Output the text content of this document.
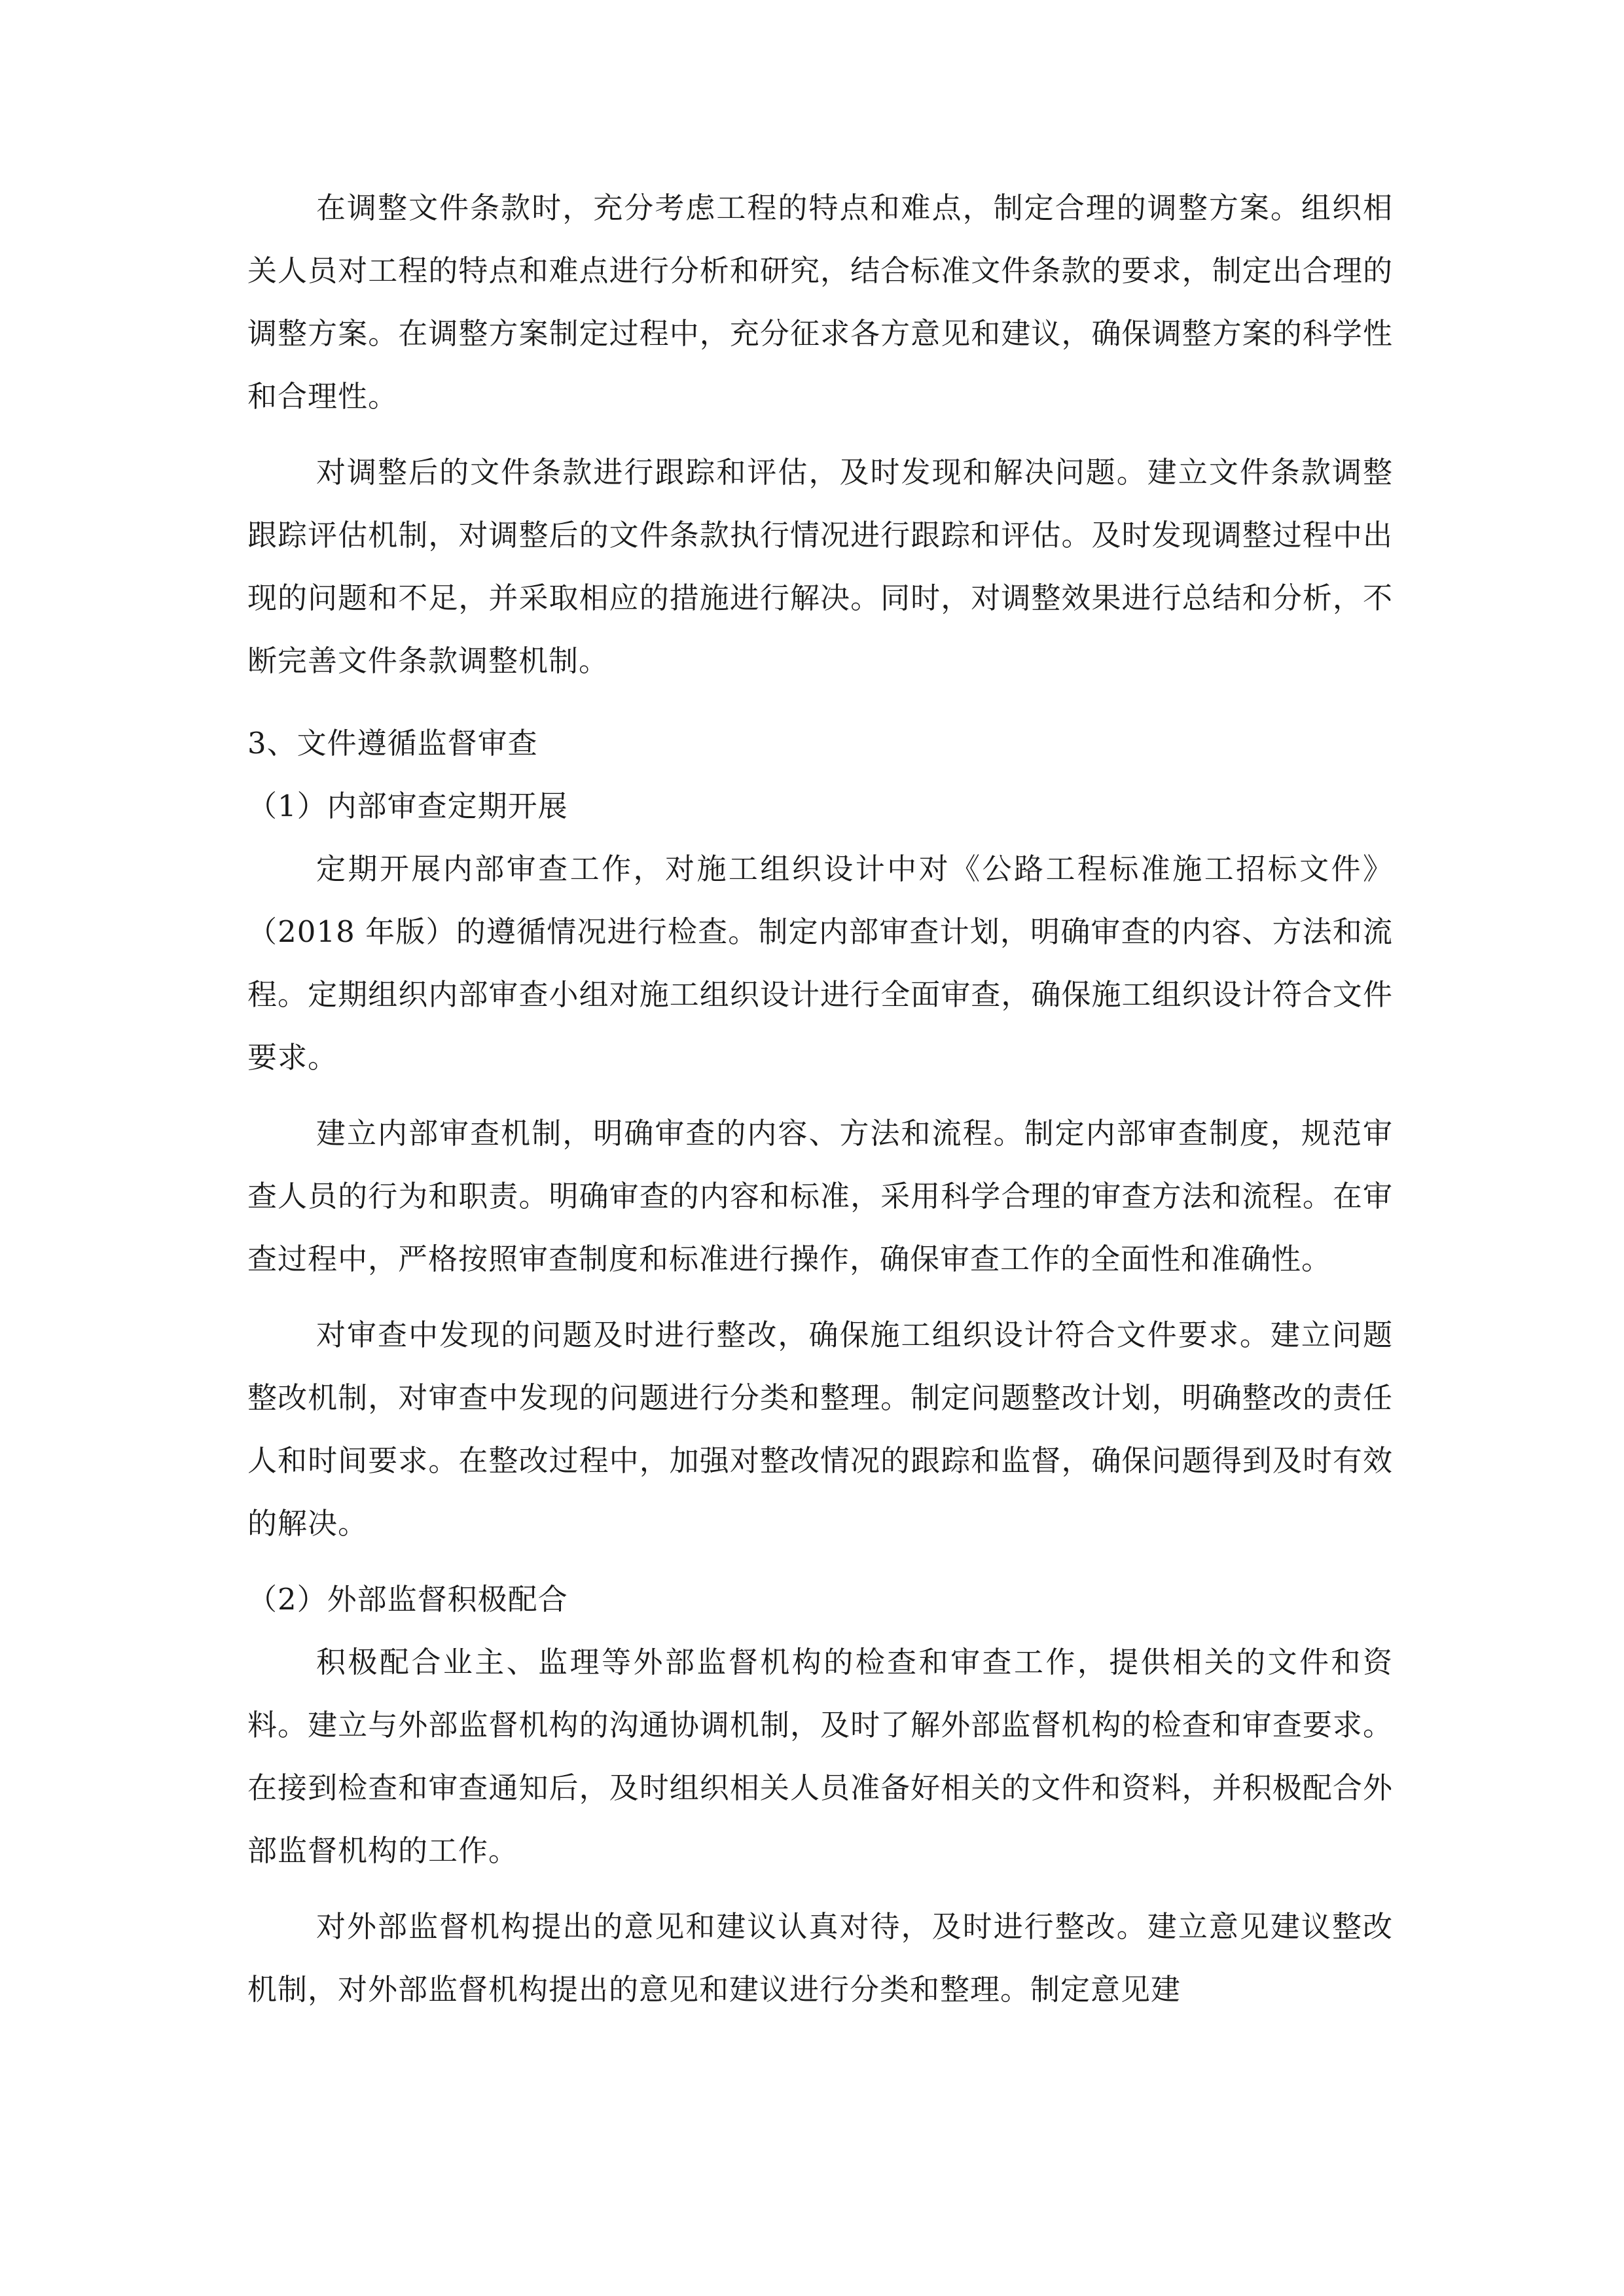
在调整文件条款时，充分考虑工程的特点和难点，制定合理的调整方案。组织相关人员对工程的特点和难点进行分析和研究，结合标准文件条款的要求，制定出合理的调整方案。在调整方案制定过程中，充分征求各方意见和建议，确保调整方案的科学性和合理性。

对调整后的文件条款进行跟踪和评估，及时发现和解决问题。建立文件条款调整跟踪评估机制，对调整后的文件条款执行情况进行跟踪和评估。及时发现调整过程中出现的问题和不足，并采取相应的措施进行解决。同时，对调整效果进行总结和分析，不断完善文件条款调整机制。

3、文件遵循监督审查

（1）内部审查定期开展

定期开展内部审查工作，对施工组织设计中对《公路工程标准施工招标文件》（2018 年版）的遵循情况进行检查。制定内部审查计划，明确审查的内容、方法和流程。定期组织内部审查小组对施工组织设计进行全面审查，确保施工组织设计符合文件要求。

建立内部审查机制，明确审查的内容、方法和流程。制定内部审查制度，规范审查人员的行为和职责。明确审查的内容和标准，采用科学合理的审查方法和流程。在审查过程中，严格按照审查制度和标准进行操作，确保审查工作的全面性和准确性。

对审查中发现的问题及时进行整改，确保施工组织设计符合文件要求。建立问题整改机制，对审查中发现的问题进行分类和整理。制定问题整改计划，明确整改的责任人和时间要求。在整改过程中，加强对整改情况的跟踪和监督，确保问题得到及时有效的解决。

（2）外部监督积极配合

积极配合业主、监理等外部监督机构的检查和审查工作，提供相关的文件和资料。建立与外部监督机构的沟通协调机制，及时了解外部监督机构的检查和审查要求。在接到检查和审查通知后，及时组织相关人员准备好相关的文件和资料，并积极配合外部监督机构的工作。

对外部监督机构提出的意见和建议认真对待，及时进行整改。建立意见建议整改机制，对外部监督机构提出的意见和建议进行分类和整理。制定意见建
